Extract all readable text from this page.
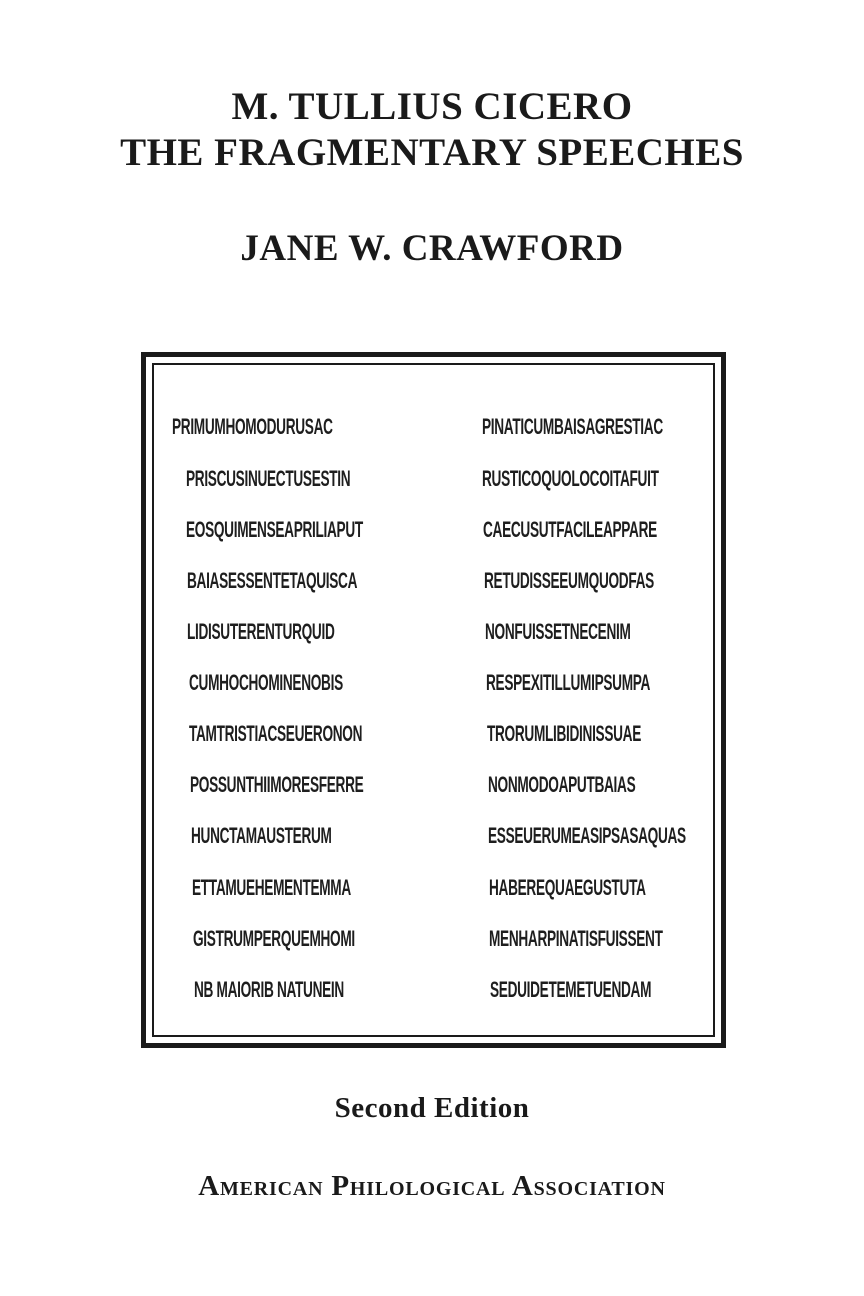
M. TULLIUS CICERO
THE FRAGMENTARY SPEECHES
JANE W. CRAWFORD
PRIMUMHOMODURUSAC
PRISCUSINUECTUSESTIN
EOSQUIMENSEAPRILIAPUT
BAIASESSENTETAQUISCA
LIDISUTERENTURQUID
CUMHOCHOMINENOBIS
TAMTRISTIACSEUERONON
POSSUNTHIIMORESFERRE
HUNCTAMAUSTERUM
ETTAMUEHEMENTEMMA
GISTRUMPERQUEMHOMI
NB MAIORIB NATUNEIN
PINATICUMBAISAGRESTIAC
RUSTICOQUOLOCOITAFUIT
CAECUSUTFACILEAPPARE
RETUDISSEEUMQUODFAS
NONFUISSETNECENIM
RESPEXITILLUMIPSUMPA
TRORUMLIBIDINISSUAE
NONMODOAPUTBAIAS
ESSEUERUMEASIPSASAQUAS
HABEREQUAEGUSTUTA
MENHARPINATISFUISSENT
SEDUIDETEMETUENDAM
Second Edition
American Philological Association
